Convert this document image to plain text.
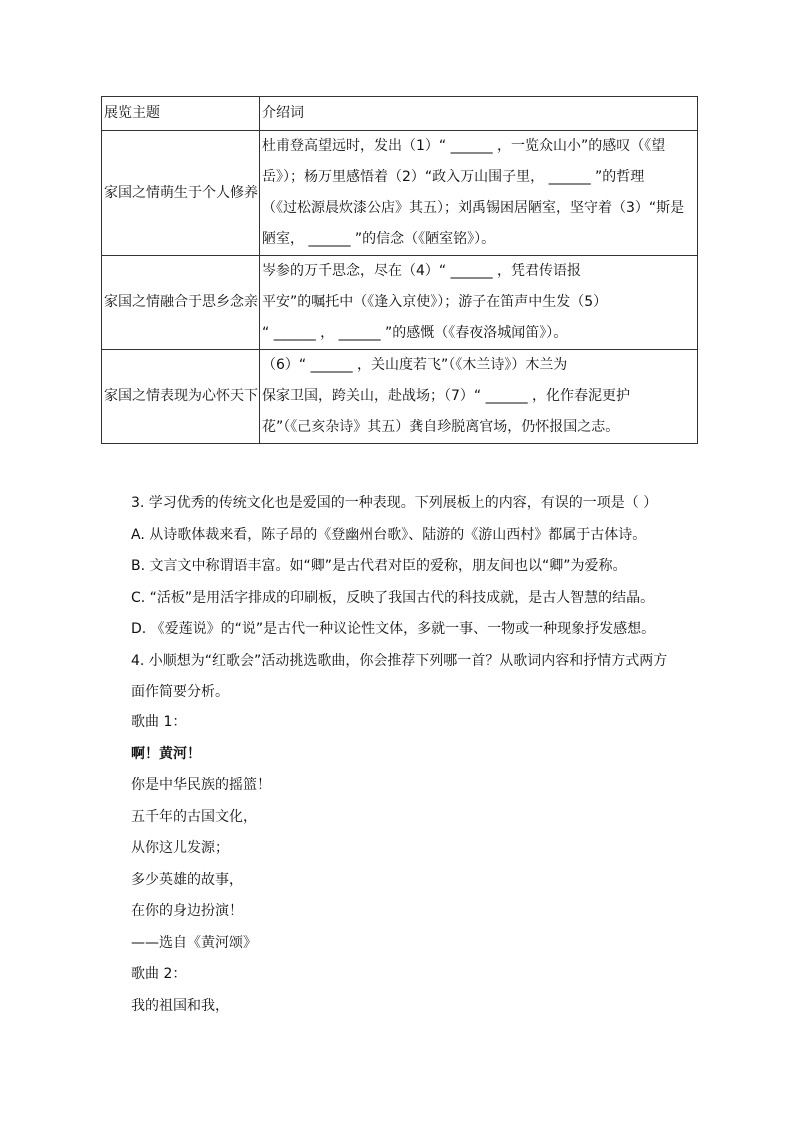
展览主题	介绍词
家国之情萌生于个人修养	杜甫登高望远时，发出（1）“ ______ ，一览众山小”的感叹（《望
岳》）；杨万里感悟着（2）“政入万山围子里， ______ ”的哲理
（《过松源晨炊漆公店》其五）；刘禹锡困居陋室，坚守着（3）“斯是
陋室， ______ ”的信念（《陋室铭》）。

家国之情融合于思乡念亲	岑参的万千思念，尽在（4）“ ______ ，凭君传语报
平安”的嘱托中（《逢入京使》）；游子在笛声中生发（5）
“ ______ ， ______ ”的感慨（《春夜洛城闻笛》）。

家国之情表现为心怀天下	（6）“ ______ ，关山度若飞”（《木兰诗》）木兰为
保家卫国，跨关山，赴战场；（7）“ ______ ，化作春泥更护
花”（《己亥杂诗》其五）龚自珍脱离官场，仍怀报国之志。
3. 学习优秀的传统文化也是爱国的一种表现。下列展板上的内容，有误的一项是（ ）
A. 从诗歌体裁来看，陈子昂的《登幽州台歌》、陆游的《游山西村》都属于古体诗。
B. 文言文中称谓语丰富。如“卿”是古代君对臣的爱称，朋友间也以“卿”为爱称。
C. “活板”是用活字排成的印刷板，反映了我国古代的科技成就，是古人智慧的结晶。
D. 《爱莲说》的“说”是古代一种议论性文体，多就一事、一物或一种现象抒发感想。
4. 小顺想为“红歌会”活动挑选歌曲，你会推荐下列哪一首？从歌词内容和抒情方式两方
面作简要分析。
歌曲 1：
啊！黄河！
你是中华民族的摇篮！
五千年的古国文化，
从你这儿发源；
多少英雄的故事，
在你的身边扮演！
——选自《黄河颂》
歌曲 2：
我的祖国和我，
